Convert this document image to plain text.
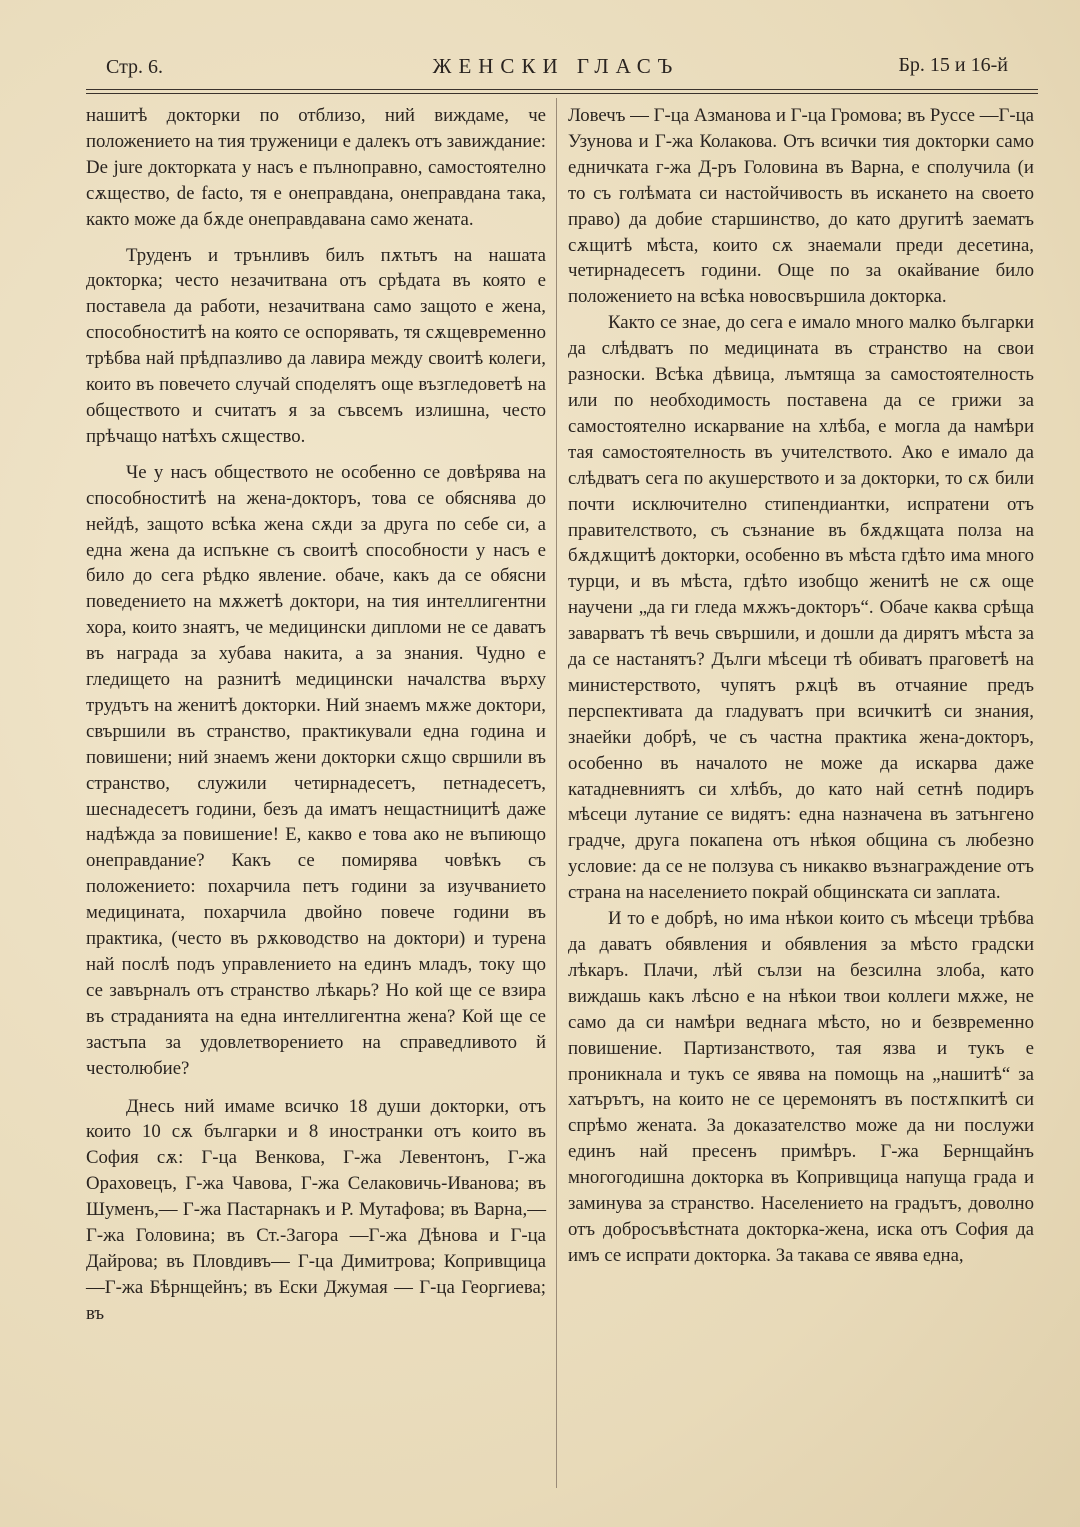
Стр. 6.	ЖЕНСКИ ГЛАСЪ	Бр. 15 и 16-й

нашитѣ докторки по отблизо, ний виждаме, че положението на тия труженици е далекъ отъ завиждание: De jure докторката у насъ е пълноправно, самостоятелно сѫщество, de facto, тя е онеправдана, онеправдана така, както може да бѫде онеправдавана само жената.

Труденъ и трънливъ билъ пѫтьтъ на нашата докторка; често незачитвана отъ срѣдата въ която е поставела да работи, незачитвана само защото е жена, способноститѣ на която се оспорявать, тя сѫщевременно трѣбва най прѣдпазливо да лавира между своитѣ колеги, които въ повечето случай споделятъ още възгледоветѣ на обществото и считатъ я за съвсемъ излишна, често прѣчащо натѣхъ сѫщество.

Че у насъ обществото не особенно се довѣрява на способноститѣ на жена-докторъ, това се обяснява до нейдѣ, защото всѣка жена сѫди за друга по себе си, а една жена да испъкне съ своитѣ способности у насъ е било до сега рѣдко явление. обаче, какъ да се обясни поведението на мѫжетѣ доктори, на тия интеллигентни хора, които знаятъ, че медицински дипломи не се даватъ въ награда за хубава накита, а за знания. Чудно е гледището на разнитѣ медицински началства върху трудътъ на женитѣ докторки. Ний знаемъ мѫже доктори, свършили въ странство, практикували една година и повишени; ний знаемъ жени докторки сѫщо свршили въ странство, служили четирнадесетъ, петнадесетъ, шеснадесетъ години, безъ да иматъ нещастницитѣ даже надѣжда за повишение! Е, какво е това ако не въпиющо онеправдание? Какъ се помирява човѣкъ съ положението: похарчила петъ години за изучванието медицината, похарчила двойно повече години въ практика, (често въ рѫководство на доктори) и турена най послѣ подъ управлението на единъ младъ, току що се завърналъ отъ странство лѣкарь? Но кой ще се взира въ страданията на една интеллигентна жена? Кой ще се застъпа за удовлетворението на справедливото й честолюбие?

Днесь ний имаме всичко 18 души докторки, отъ които 10 сѫ българки и 8 иностранки отъ които въ София сѫ: Г-ца Венкова, Г-жа Левентонъ, Г-жа Ораховецъ, Г-жа Чавова, Г-жа Селаковичь-Иванова; въ Шуменъ,— Г-жа Пастарнакъ и Р. Мутафова; въ Варна,—Г-жа Головина; въ Ст.-Загора —Г-жа Дѣнова и Г-ца Дайрова; въ Пловдивъ— Г-ца Димитрова; Копривщица —Г-жа Бѣрнщейнъ; въ Ески Джумая — Г-ца Георгиева; въ

Ловечъ — Г-ца Азманова и Г-ца Громова; въ Руссе —Г-ца Узунова и Г-жа Колакова. Отъ всички тия докторки само едничката г-жа Д-ръ Головина въ Варна, е сполучила (и то съ голѣмата си настойчивость въ искането на своето право) да добие старшинство, до като другитѣ заематъ сѫщитѣ мѣста, които сѫ знаемали преди десетина, четирнадесетъ години. Още по за окайвание било положението на всѣка новосвършила докторка.

Както се знае, до сега е имало много малко българки да слѣдватъ по медицината въ странство на свои разноски. Всѣка дѣвица, лъмтяща за самостоятелность или по необходимость поставена да се грижи за самостоятелно искарвание на хлѣба, е могла да намѣри тая самостоятелность въ учителството. Ако е имало да слѣдватъ сега по акушерството и за докторки, то сѫ били почти исключително стипендиантки, испратени отъ правителството, съ съзнание въ бѫдѫщата полза на бѫдѫщитѣ докторки, особенно въ мѣста гдѣто има много турци, и въ мѣста, гдѣто изобщо женитѣ не сѫ още научени „да ги гледа мѫжъ-докторъ“. Обаче каква срѣща заварватъ тѣ вечь свършили, и дошли да дирятъ мѣста за да се настанятъ? Дълги мѣсеци тѣ обиватъ праговетѣ на министерството, чупятъ рѫцѣ въ отчаяние предъ перспективата да гладуватъ при всичкитѣ си знания, знаейки добрѣ, че съ частна практика жена-докторъ, особенно въ началото не може да искарва даже катадневниятъ си хлѣбъ, до като най сетнѣ подиръ мѣсеци лутание се видятъ: една назначена въ затънгено градче, друга покапена отъ нѣкоя община съ любезно условие: да се не ползува съ никакво възнаграждение отъ страна на населението покрай общинската си заплата.

И то е добрѣ, но има нѣкои които съ мѣсеци трѣбва да даватъ обявления и обявления за мѣсто градски лѣкаръ. Плачи, лѣй сълзи на безсилна злоба, като виждашь какъ лѣсно е на нѣкои твои коллеги мѫже, не само да си намѣри веднага мѣсто, но и безвременно повишение. Партизанството, тая язва и тукъ е проникнала и тукъ се явява на помощь на „нашитѣ“ за хатърътъ, на които не се церемонятъ въ постѫпкитѣ си спрѣмо жената. За доказателство може да ни послужи единъ най пресенъ примѣръ. Г-жа Бернщайнъ многогодишна докторка въ Копривщица напуща града и заминува за странство. Населението на градътъ, доволно отъ добросъвѣстната докторка-жена, иска отъ София да имъ се испрати докторка. За такава се явява една,
